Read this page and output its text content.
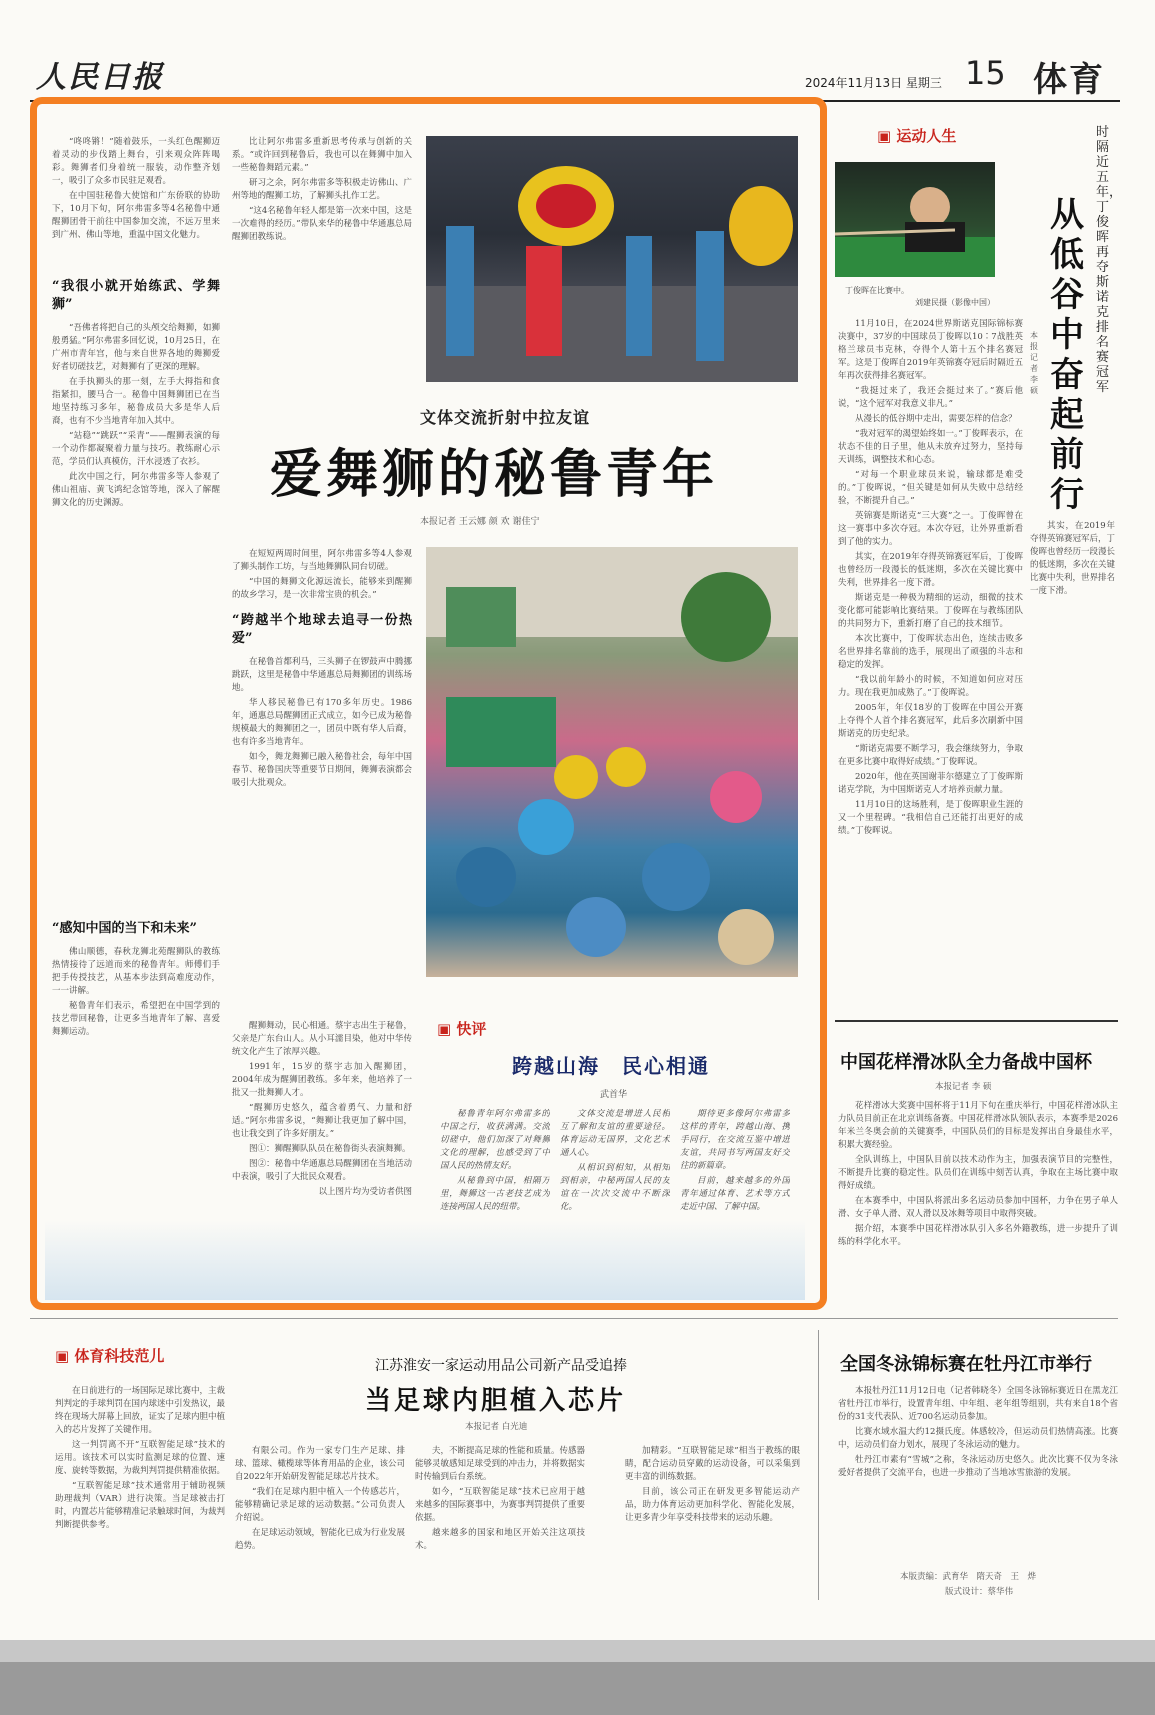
人民日报	2024年11月13日 星期三 15 体育

“咚咚锵！”随着鼓乐，一头红色醒狮迈着灵动的步伐踏上舞台，引来观众阵阵喝彩。舞狮者们身着统一服装，动作整齐划一，吸引了众多市民驻足观看。

在中国驻秘鲁大使馆和广东侨联的协助下，10月下旬，阿尔弗雷多等4名秘鲁中通醒狮团骨干前往中国参加交流，不远万里来到广州、佛山等地，重温中国文化魅力。

“我很小就开始练武、学舞狮”

“吾佛者将把自己的头颅交给舞狮，如狮般勇猛。”阿尔弗雷多回忆说，10月25日，在广州市青年宫，他与来自世界各地的舞狮爱好者切磋技艺，对舞狮有了更深的理解。

在手执狮头的那一刻，左手大拇指和食指紧扣，腰马合一。秘鲁中国舞狮团已在当地坚持练习多年，秘鲁成员大多是华人后裔，也有不少当地青年加入其中。

“站稳”“跳跃”“采青”——醒狮表演的每一个动作都凝聚着力量与技巧。教练耐心示范，学员们认真模仿，汗水浸透了衣衫。

此次中国之行，阿尔弗雷多等人参观了佛山祖庙、黄飞鸿纪念馆等地，深入了解醒狮文化的历史渊源。

“感知中国的当下和未来”

佛山顺德，春秋龙狮北苑醒狮队的教练热情接待了远道而来的秘鲁青年。师傅们手把手传授技艺，从基本步法到高难度动作，一一讲解。

秘鲁青年们表示，希望把在中国学到的技艺带回秘鲁，让更多当地青年了解、喜爱舞狮运动。

比让阿尔弗雷多重新思考传承与创新的关系。“或许回到秘鲁后，我也可以在舞狮中加入一些秘鲁舞蹈元素。”

研习之余，阿尔弗雷多等积极走访佛山、广州等地的醒狮工坊，了解狮头扎作工艺。

“这4名秘鲁年轻人都是第一次来中国，这是一次难得的经历。”带队来华的秘鲁中华通惠总局醒狮团教练说。

文体交流折射中拉友谊
爱舞狮的秘鲁青年
本报记者 王云娜 颜 欢 谢佳宁

在短短两周时间里，阿尔弗雷多等4人参观了狮头制作工坊，与当地舞狮队同台切磋。

“中国的舞狮文化源远流长，能够来到醒狮的故乡学习，是一次非常宝贵的机会。”

“跨越半个地球去追寻一份热爱”

在秘鲁首都利马，三头狮子在锣鼓声中腾挪跳跃，这里是秘鲁中华通惠总局舞狮团的训练场地。

华人移民秘鲁已有170多年历史。1986年，通惠总局醒狮团正式成立，如今已成为秘鲁规模最大的舞狮团之一，团员中既有华人后裔，也有许多当地青年。

如今，舞龙舞狮已融入秘鲁社会，每年中国春节、秘鲁国庆等重要节日期间，舞狮表演都会吸引大批观众。

醒狮舞动，民心相通。蔡宇志出生于秘鲁，父亲是广东台山人。从小耳濡目染，他对中华传统文化产生了浓厚兴趣。

1991年，15岁的蔡宇志加入醒狮团，2004年成为醒狮团教练。多年来，他培养了一批又一批舞狮人才。

“醒狮历史悠久，蕴含着勇气、力量和舒适。”阿尔弗雷多说，“舞狮让我更加了解中国，也让我交到了许多好朋友。”

图①：狮醒狮队队员在秘鲁街头表演舞狮。

图②：秘鲁中华通惠总局醒狮团在当地活动中表演，吸引了大批民众观看。

以上图片均为受访者供图

▣ 快评
跨越山海　民心相通
武首华

秘鲁青年阿尔弗雷多的中国之行，收获满满。交流切磋中，他们加深了对舞狮文化的理解，也感受到了中国人民的热情友好。

从秘鲁到中国，相隔万里，舞狮这一古老技艺成为连接两国人民的纽带。

文体交流是增进人民相互了解和友谊的重要途径。体育运动无国界，文化艺术通人心。

从相识到相知，从相知到相亲，中秘两国人民的友谊在一次次交流中不断深化。

期待更多像阿尔弗雷多这样的青年，跨越山海、携手同行，在交流互鉴中增进友谊，共同书写两国友好交往的新篇章。

目前，越来越多的外国青年通过体育、艺术等方式走近中国、了解中国。

▣ 运动人生
丁俊晖在比赛中。
刘建民摄（影像中国）
时隔近五年，丁俊晖再夺斯诺克排名赛冠军
从低谷中奋起前行
本报记者 李 硕

11月10日，在2024世界斯诺克国际锦标赛决赛中，37岁的中国球员丁俊晖以10∶7战胜英格兰球员韦克林，夺得个人第十五个排名赛冠军。这是丁俊晖自2019年英锦赛夺冠后时隔近五年再次获得排名赛冠军。

“我挺过来了，我还会挺过来了。”赛后他说，“这个冠军对我意义非凡。”

从漫长的低谷期中走出，需要怎样的信念？

“我对冠军的渴望始终如一。”丁俊晖表示，在状态不佳的日子里，他从未放弃过努力，坚持每天训练，调整技术和心态。

“对每一个职业球员来说，输球都是难受的。”丁俊晖说，“但关键是如何从失败中总结经验，不断提升自己。”

英锦赛是斯诺克“三大赛”之一。丁俊晖曾在这一赛事中多次夺冠。本次夺冠，让外界重新看到了他的实力。

其实，在2019年夺得英锦赛冠军后，丁俊晖也曾经历一段漫长的低迷期，多次在关键比赛中失利，世界排名一度下滑。

斯诺克是一种极为精细的运动，细微的技术变化都可能影响比赛结果。丁俊晖在与教练团队的共同努力下，重新打磨了自己的技术细节。

本次比赛中，丁俊晖状态出色，连续击败多名世界排名靠前的选手，展现出了顽强的斗志和稳定的发挥。

“我以前年龄小的时候，不知道如何应对压力。现在我更加成熟了。”丁俊晖说。

2005年，年仅18岁的丁俊晖在中国公开赛上夺得个人首个排名赛冠军，此后多次刷新中国斯诺克的历史纪录。

“斯诺克需要不断学习，我会继续努力，争取在更多比赛中取得好成绩。”丁俊晖说。

2020年，他在英国谢菲尔德建立了丁俊晖斯诺克学院，为中国斯诺克人才培养贡献力量。

11月10日的这场胜利，是丁俊晖职业生涯的又一个里程碑。“我相信自己还能打出更好的成绩。”丁俊晖说。

其实，在2019年夺得英锦赛冠军后，丁俊晖也曾经历一段漫长的低迷期，多次在关键比赛中失利，世界排名一度下滑。

中国花样滑冰队全力备战中国杯
本报记者 李 硕

花样滑冰大奖赛中国杯将于11月下旬在重庆举行，中国花样滑冰队主力队员目前正在北京训练备赛。中国花样滑冰队领队表示，本赛季是2026年米兰冬奥会前的关键赛季，中国队员们的目标是发挥出自身最佳水平，积累大赛经验。

全队训练上，中国队目前以技术动作为主，加强表演节目的完整性，不断提升比赛的稳定性。队员们在训练中刻苦认真，争取在主场比赛中取得好成绩。

在本赛季中，中国队将派出多名运动员参加中国杯，力争在男子单人滑、女子单人滑、双人滑以及冰舞等项目中取得突破。

据介绍，本赛季中国花样滑冰队引入多名外籍教练，进一步提升了训练的科学化水平。

▣ 体育科技范儿
江苏淮安一家运动用品公司新产品受追捧
当足球内胆植入芯片
本报记者 白光迪

在日前进行的一场国际足球比赛中，主裁判判定的手球判罚在国内球迷中引发热议，最终在现场大屏幕上回放，证实了足球内胆中植入的芯片发挥了关键作用。

这一判罚离不开“互联智能足球”技术的运用。该技术可以实时监测足球的位置、速度、旋转等数据，为裁判判罚提供精准依据。

“互联智能足球”技术通常用于辅助视频助理裁判（VAR）进行决策。当足球被击打时，内置芯片能够精准记录触球时间，为裁判判断提供参考。

有限公司。作为一家专门生产足球、排球、篮球、橄榄球等体育用品的企业，该公司自2022年开始研发智能足球芯片技术。

“我们在足球内胆中植入一个传感芯片，能够精确记录足球的运动数据。”公司负责人介绍说。

在足球运动领域，智能化已成为行业发展趋势。

夫，不断提高足球的性能和质量。传感器能够灵敏感知足球受到的冲击力，并将数据实时传输到后台系统。

如今，“互联智能足球”技术已应用于越来越多的国际赛事中，为赛事判罚提供了重要依据。

越来越多的国家和地区开始关注这项技术。

加精彩。“互联智能足球”相当于教练的眼睛，配合运动员穿戴的运动设备，可以采集到更丰富的训练数据。

目前，该公司正在研发更多智能运动产品，助力体育运动更加科学化、智能化发展，让更多青少年享受科技带来的运动乐趣。

全国冬泳锦标赛在牡丹江市举行

本报牡丹江11月12日电（记者韩晓冬）全国冬泳锦标赛近日在黑龙江省牡丹江市举行，设置青年组、中年组、老年组等组别，共有来自18个省份的31支代表队、近700名运动员参加。

比赛水域水温大约12摄氏度。体感较冷，但运动员们热情高涨。比赛中，运动员们奋力划水，展现了冬泳运动的魅力。

牡丹江市素有“雪城”之称，冬泳运动历史悠久。此次比赛不仅为冬泳爱好者提供了交流平台，也进一步推动了当地冰雪旅游的发展。

本版责编：武育华　隋天奇　王　烨
版式设计：蔡华伟
